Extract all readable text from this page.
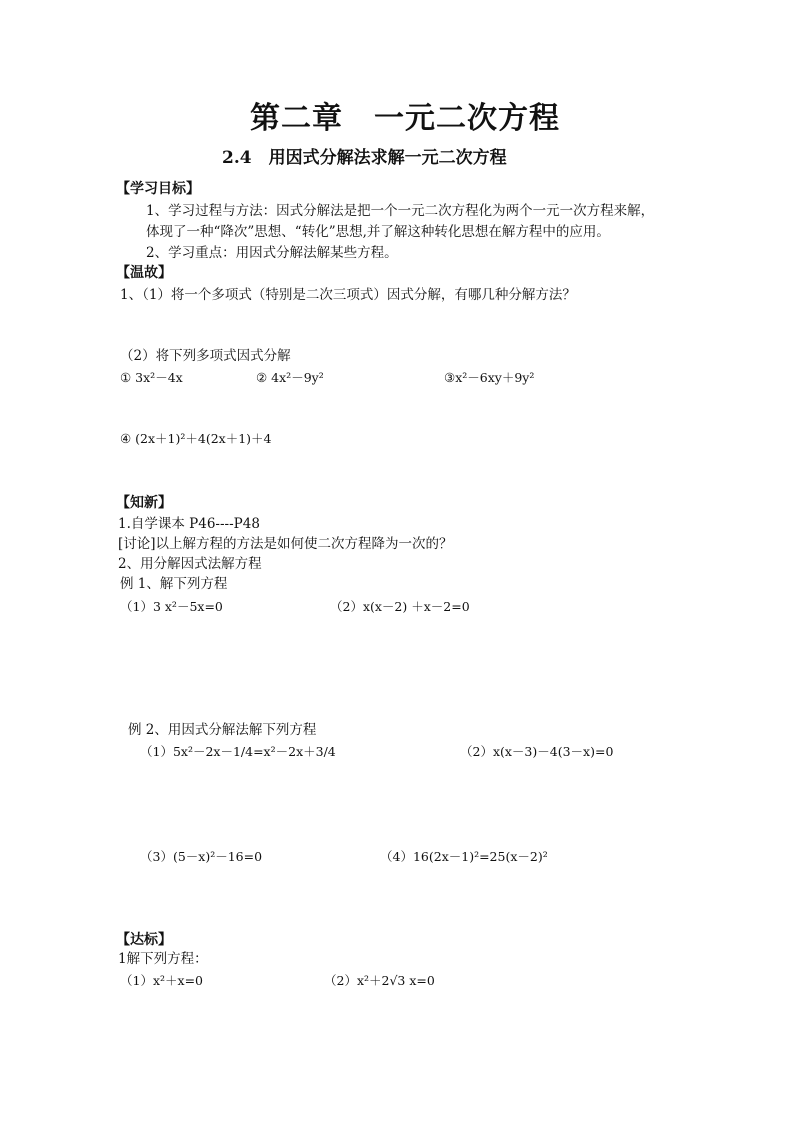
第二章　一元二次方程
2.4　用因式分解法求解一元二次方程
【学习目标】
1、学习过程与方法：因式分解法是把一个一元二次方程化为两个一元一次方程来解，
体现了一种“降次”思想、“转化”思想,并了解这种转化思想在解方程中的应用。
2、学习重点：用因式分解法解某些方程。
【温故】
1、（1）将一个多项式（特别是二次三项式）因式分解，有哪几种分解方法？
（2）将下列多项式因式分解
① 3x²－4x	② 4x²－9y²	③x²－6xy＋9y²
④ (2x＋1)²＋4(2x＋1)＋4
【知新】
1.自学课本 P46----P48
[讨论]以上解方程的方法是如何使二次方程降为一次的？
2、用分解因式法解方程
例 1、解下列方程
（1）3 x²－5x=0	（2）x(x－2) ＋x－2=0
例 2、用因式分解法解下列方程
（1）5x²－2x－1/4=x²－2x＋3/4	（2）x(x－3)－4(3－x)=0
（3）(5－x)²－16=0	（4）16(2x－1)²=25(x－2)²
【达标】
1解下列方程：
（1）x²＋x=0	（2）x²＋2√3 x=0
